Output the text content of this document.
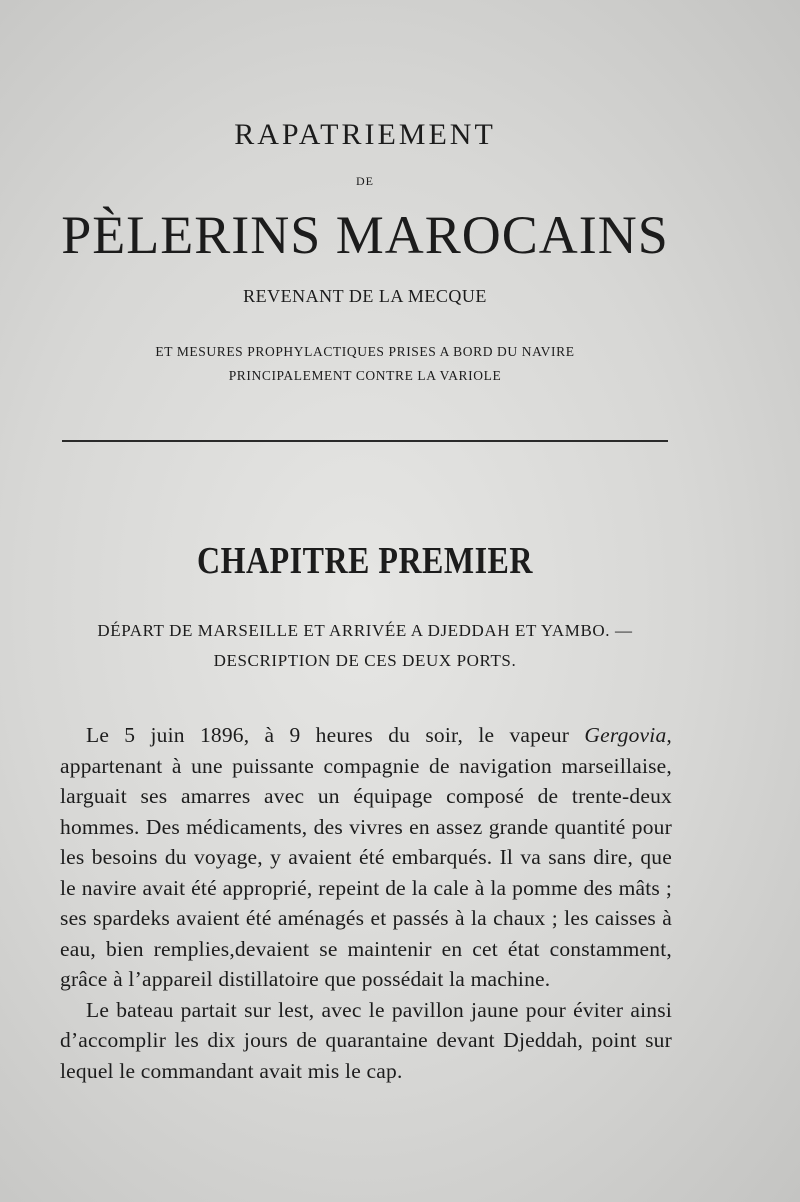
RAPATRIEMENT
DE
PÈLERINS MAROCAINS
REVENANT DE LA MECQUE
ET MESURES PROPHYLACTIQUES PRISES A BORD DU NAVIRE
PRINCIPALEMENT CONTRE LA VARIOLE
CHAPITRE PREMIER
DÉPART DE MARSEILLE ET ARRIVÉE A DJEDDAH ET YAMBO. —
DESCRIPTION DE CES DEUX PORTS.

Le 5 juin 1896, à 9 heures du soir, le vapeur Gergovia, appartenant à une puissante compagnie de navigation marseillaise, larguait ses amarres avec un équipage composé de trente-deux hommes. Des médicaments, des vivres en assez grande quantité pour les besoins du voyage, y avaient été embarqués. Il va sans dire, que le navire avait été approprié, repeint de la cale à la pomme des mâts ; ses spardeks avaient été aménagés et passés à la chaux ; les caisses à eau, bien remplies,devaient se maintenir en cet état constamment, grâce à l’appareil distillatoire que possédait la machine.

Le bateau partait sur lest, avec le pavillon jaune pour éviter ainsi d’accomplir les dix jours de quarantaine devant Djeddah, point sur lequel le commandant avait mis le cap.
